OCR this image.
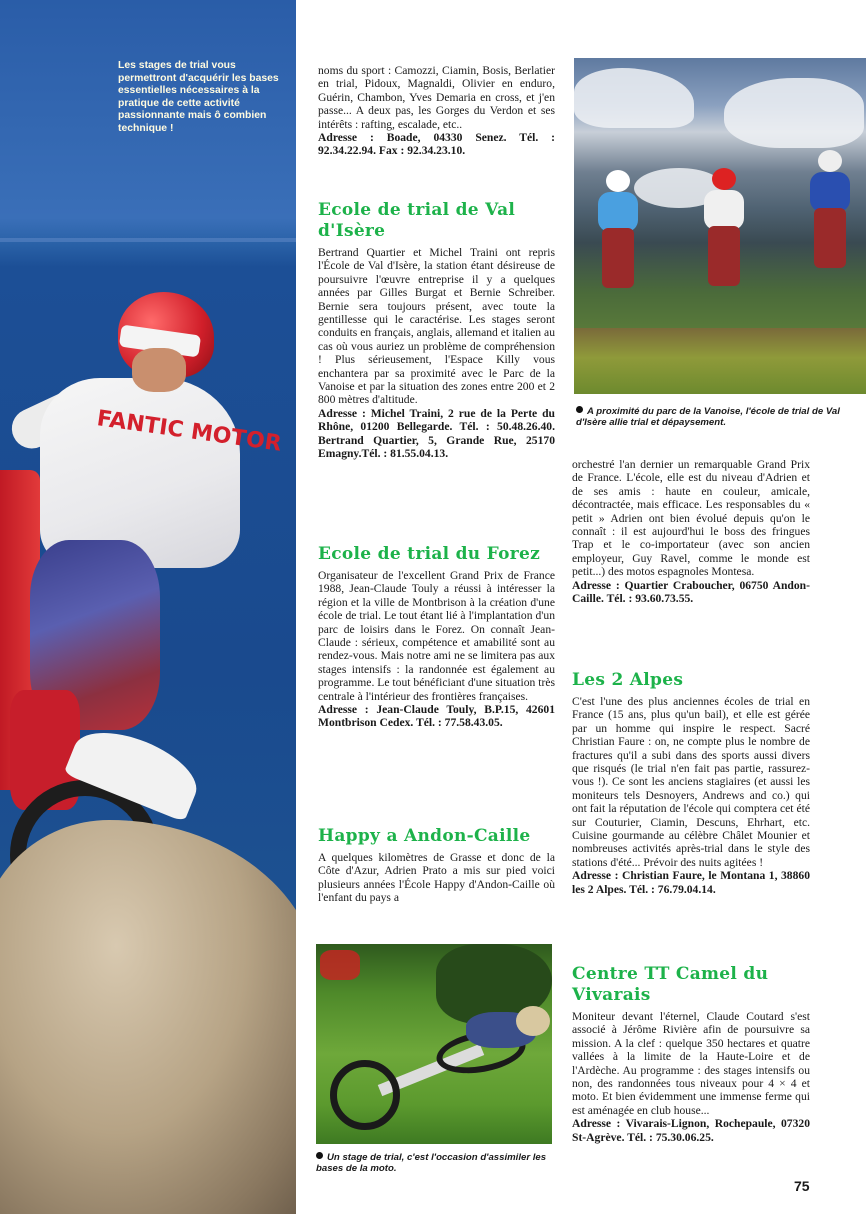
FANTIC MOTOR
Les stages de trial vous permettront d'acquérir les bases essentielles nécessaires à la pratique de cette activité passionnante mais ô combien technique !

noms du sport : Camozzi, Ciamin, Bosis, Berlatier en trial, Pidoux, Magnaldi, Olivier en enduro, Guérin, Chambon, Yves Demaria en cross, et j'en passe... A deux pas, les Gorges du Verdon et ses intérêts : rafting, escalade, etc..

Adresse : Boade, 04330 Senez. Tél. : 92.34.22.94. Fax : 92.34.23.10.

Ecole de trial de Val d'Isère

Bertrand Quartier et Michel Traini ont repris l'École de Val d'Isère, la station étant désireuse de poursuivre l'œuvre entreprise il y a quelques années par Gilles Burgat et Bernie Schreiber. Bernie sera toujours présent, avec toute la gentillesse qui le caractérise. Les stages seront conduits en français, anglais, allemand et italien au cas où vous auriez un problème de compréhension ! Plus sérieusement, l'Espace Killy vous enchantera par sa proximité avec le Parc de la Vanoise et par la situation des zones entre 200 et 2 800 mètres d'altitude.

Adresse : Michel Traini, 2 rue de la Perte du Rhône, 01200 Bellegarde. Tél. : 50.48.26.40. Bertrand Quartier, 5, Grande Rue, 25170 Emagny.Tél. : 81.55.04.13.

Ecole de trial du Forez

Organisateur de l'excellent Grand Prix de France 1988, Jean-Claude Touly a réussi à intéresser la région et la ville de Montbrison à la création d'une école de trial. Le tout étant lié à l'implantation d'un parc de loisirs dans le Forez. On connaît Jean-Claude : sérieux, compétence et amabilité sont au rendez-vous. Mais notre ami ne se limitera pas aux stages intensifs : la randonnée est également au programme. Le tout bénéficiant d'une situation très centrale à l'intérieur des frontières françaises.

Adresse : Jean-Claude Touly, B.P.15, 42601 Montbrison Cedex. Tél. : 77.58.43.05.

Happy a Andon-Caille

A quelques kilomètres de Grasse et donc de la Côte d'Azur, Adrien Prato a mis sur pied voici plusieurs années l'École Happy d'Andon-Caille où l'enfant du pays a

A proximité du parc de la Vanoise, l'école de trial de Val d'Isère allie trial et dépaysement.

orchestré l'an dernier un remarquable Grand Prix de France. L'école, elle est du niveau d'Adrien et de ses amis : haute en couleur, amicale, décontractée, mais efficace. Les responsables du « petit » Adrien ont bien évolué depuis qu'on le connaît : il est aujourd'hui le boss des fringues Trap et le co-importateur (avec son ancien employeur, Guy Ravel, comme le monde est petit...) des motos espagnoles Montesa.

Adresse : Quartier Craboucher, 06750 Andon-Caille. Tél. : 93.60.73.55.

Les 2 Alpes

C'est l'une des plus anciennes écoles de trial en France (15 ans, plus qu'un bail), et elle est gérée par un homme qui inspire le respect. Sacré Christian Faure : on, ne compte plus le nombre de fractures qu'il a subi dans des sports aussi divers que risqués (le trial n'en fait pas partie, rassurez-vous !). Ce sont les anciens stagiaires (et aussi les moniteurs tels Desnoyers, Andrews and co.) qui ont fait la réputation de l'école qui comptera cet été sur Couturier, Ciamin, Descuns, Ehrhart, etc. Cuisine gourmande au célèbre Châlet Mounier et nombreuses activités après-trial dans le style des stations d'été... Prévoir des nuits agitées !

Adresse : Christian Faure, le Montana 1, 38860 les 2 Alpes. Tél. : 76.79.04.14.

Centre TT Camel du Vivarais

Moniteur devant l'éternel, Claude Coutard s'est associé à Jérôme Rivière afin de poursuivre sa mission. A la clef : quelque 350 hectares et quatre vallées à la limite de la Haute-Loire et de l'Ardèche. Au programme : des stages intensifs ou non, des randonnées tous niveaux pour 4 × 4 et moto. Et bien évidemment une immense ferme qui est aménagée en club house...

Adresse : Vivarais-Lignon, Rochepaule, 07320 St-Agrève. Tél. : 75.30.06.25.

Un stage de trial, c'est l'occasion d'assimiler les bases de la moto.
75
